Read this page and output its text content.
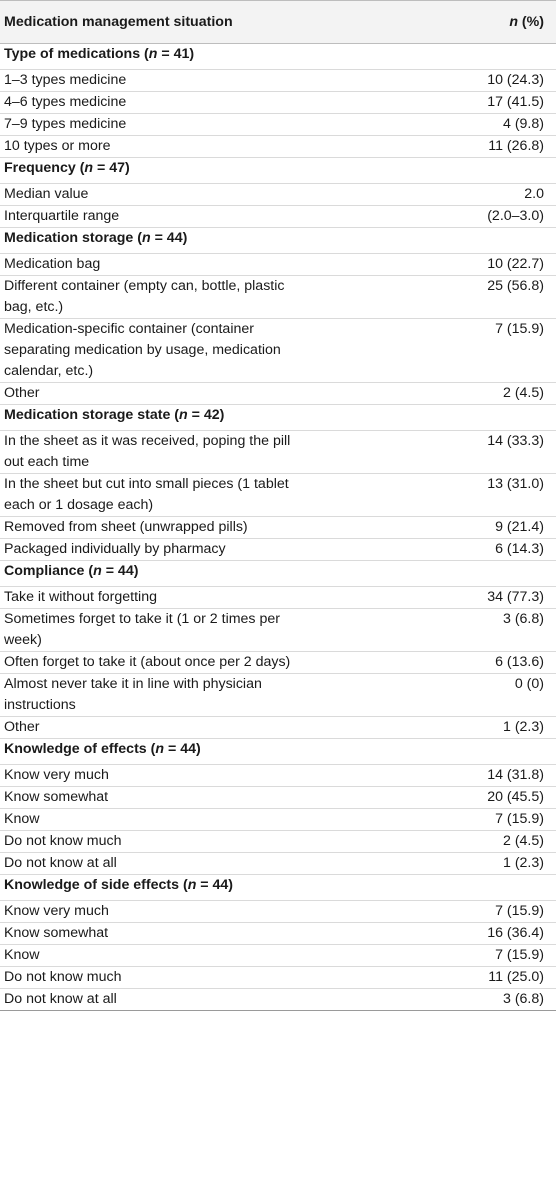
Medication management situation	n (%)
Type of medications (n = 41)	
1–3 types medicine	10 (24.3)
4–6 types medicine	17 (41.5)
7–9 types medicine	4 (9.8)
10 types or more	11 (26.8)
Frequency (n = 47)	
Median value	2.0
Interquartile range	(2.0–3.0)
Medication storage (n = 44)	
Medication bag	10 (22.7)
Different container (empty can, bottle, plastic bag, etc.)	25 (56.8)
Medication-specific container (container separating medication by usage, medication calendar, etc.)	7 (15.9)
Other	2 (4.5)
Medication storage state (n = 42)	
In the sheet as it was received, poping the pill out each time	14 (33.3)
In the sheet but cut into small pieces (1 tablet each or 1 dosage each)	13 (31.0)
Removed from sheet (unwrapped pills)	9 (21.4)
Packaged individually by pharmacy	6 (14.3)
Compliance (n = 44)	
Take it without forgetting	34 (77.3)
Sometimes forget to take it (1 or 2 times per week)	3 (6.8)
Often forget to take it (about once per 2 days)	6 (13.6)
Almost never take it in line with physician instructions	0 (0)
Other	1 (2.3)
Knowledge of effects (n = 44)	
Know very much	14 (31.8)
Know somewhat	20 (45.5)
Know	7 (15.9)
Do not know much	2 (4.5)
Do not know at all	1 (2.3)
Knowledge of side effects (n = 44)	
Know very much	7 (15.9)
Know somewhat	16 (36.4)
Know	7 (15.9)
Do not know much	11 (25.0)
Do not know at all	3 (6.8)
